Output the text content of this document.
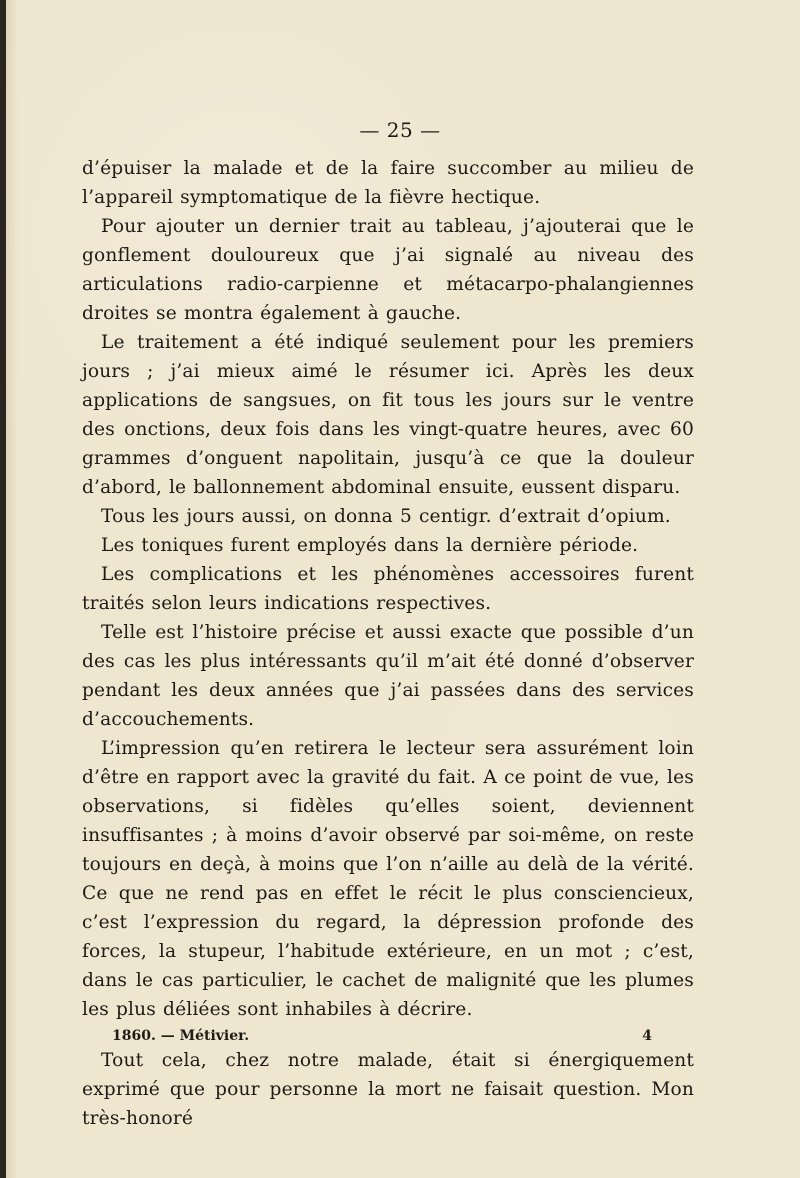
— 25 —

d’épuiser la malade et de la faire succomber au milieu de l’appareil symptomatique de la fièvre hectique.

Pour ajouter un dernier trait au tableau, j’ajouterai que le gonflement douloureux que j’ai signalé au niveau des articulations radio-carpienne et métacarpo-phalangiennes droites se montra également à gauche.

Le traitement a été indiqué seulement pour les premiers jours ; j’ai mieux aimé le résumer ici. Après les deux applications de sangsues, on fit tous les jours sur le ventre des onctions, deux fois dans les vingt-quatre heures, avec 60 grammes d’onguent napolitain, jusqu’à ce que la douleur d’abord, le ballonnement abdominal ensuite, eussent disparu.

Tous les jours aussi, on donna 5 centigr. d’extrait d’opium.

Les toniques furent employés dans la dernière période.

Les complications et les phénomènes accessoires furent traités selon leurs indications respectives.

Telle est l’histoire précise et aussi exacte que possible d’un des cas les plus intéressants qu’il m’ait été donné d’observer pendant les deux années que j’ai passées dans des services d’accouchements.

L’impression qu’en retirera le lecteur sera assurément loin d’être en rapport avec la gravité du fait. A ce point de vue, les observations, si fidèles qu’elles soient, deviennent insuffisantes ; à moins d’avoir observé par soi-même, on reste toujours en deçà, à moins que l’on n’aille au delà de la vérité. Ce que ne rend pas en effet le récit le plus consciencieux, c’est l’expression du regard, la dépression profonde des forces, la stupeur, l’habitude extérieure, en un mot ; c’est, dans le cas particulier, le cachet de malignité que les plumes les plus déliées sont inhabiles à décrire.

Tout cela, chez notre malade, était si énergiquement exprimé que pour personne la mort ne faisait question. Mon très-honoré

1860. — Métivier.	4
